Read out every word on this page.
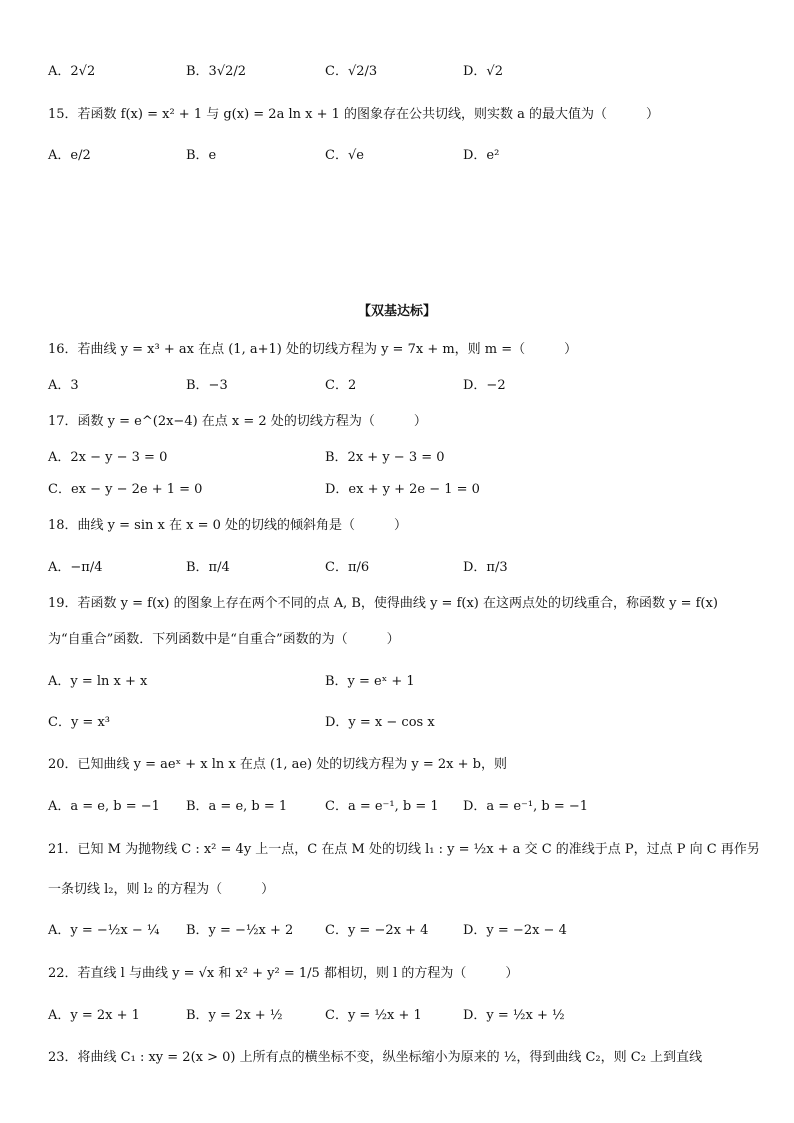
A．2√2	B．3√2/2	C．√2/3	D．√2
15．若函数 f(x) = x² + 1 与 g(x) = 2a ln x + 1 的图象存在公共切线，则实数 a 的最大值为（　　　）
A．e/2	B．e	C．√e	D．e²
【双基达标】
16．若曲线 y = x³ + ax 在点 (1, a+1) 处的切线方程为 y = 7x + m，则 m =（　　　）
A．3	B．−3	C．2	D．−2
17．函数 y = e^(2x−4) 在点 x = 2 处的切线方程为（　　　）
A．2x − y − 3 = 0	B．2x + y − 3 = 0
C．ex − y − 2e + 1 = 0	D．ex + y + 2e − 1 = 0
18．曲线 y = sin x 在 x = 0 处的切线的倾斜角是（　　　）
A．−π/4	B．π/4	C．π/6	D．π/3
19．若函数 y = f(x) 的图象上存在两个不同的点 A, B，使得曲线 y = f(x) 在这两点处的切线重合，称函数 y = f(x)
为“自重合”函数．下列函数中是“自重合”函数的为（　　　）
A．y = ln x + x	B．y = eˣ + 1
C．y = x³	D．y = x − cos x
20．已知曲线 y = aeˣ + x ln x 在点 (1, ae) 处的切线方程为 y = 2x + b，则
A．a = e, b = −1 B．a = e, b = 1	C．a = e⁻¹, b = 1 D．a = e⁻¹, b = −1
21．已知 M 为抛物线 C : x² = 4y 上一点，C 在点 M 处的切线 l₁ : y = ½x + a 交 C 的准线于点 P，过点 P 向 C 再作另
一条切线 l₂，则 l₂ 的方程为（　　　）
A．y = −½x − ¼ B．y = −½x + 2 C．y = −2x + 4	D．y = −2x − 4
22．若直线 l 与曲线 y = √x 和 x² + y² = 1/5 都相切，则 l 的方程为（　　　）
A．y = 2x + 1	B．y = 2x + ½	C．y = ½x + 1	D．y = ½x + ½
23．将曲线 C₁ : xy = 2(x > 0) 上所有点的横坐标不变，纵坐标缩小为原来的 ½，得到曲线 C₂，则 C₂ 上到直线
